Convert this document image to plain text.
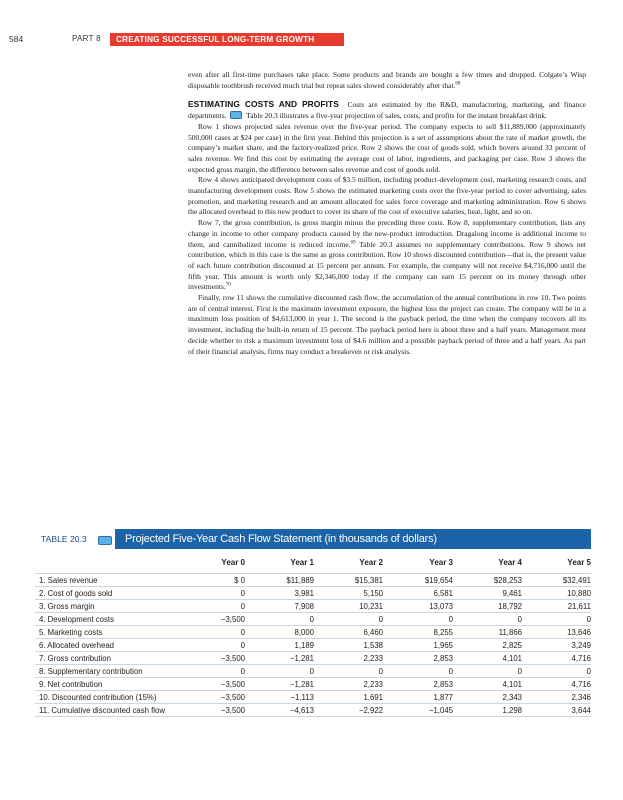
584	PART 8	CREATING SUCCESSFUL LONG-TERM GROWTH

even after all first-time purchases take place. Some products and brands are bought a few times and dropped. Colgate’s Wisp disposable toothbrush received much trial but repeat sales slowed considerably after that.$^{68}$

ESTIMATING COSTS AND PROFITS Costs are estimated by the R&D, manufacturing, marketing, and finance departments.	Table 20.3 illustrates a five-year projection of sales, costs, and profits for the instant breakfast drink.

Row 1 shows projected sales revenue over the five-year period. The company expects to sell $11,889,000 (approximately 500,000 cases at $24 per case) in the first year. Behind this projection is a set of assumptions about the rate of market growth, the company’s market share, and the factory-realized price. Row 2 shows the cost of goods sold, which hovers around 33 percent of sales revenue. We find this cost by estimating the average cost of labor, ingredients, and packaging per case. Row 3 shows the expected gross margin, the difference between sales revenue and cost of goods sold.

Row 4 shows anticipated development costs of $3.5 million, including product-development cost, marketing research costs, and manufacturing development costs. Row 5 shows the estimated marketing costs over the five-year period to cover advertising, sales promotion, and marketing research and an amount allocated for sales force coverage and marketing administration. Row 6 shows the allocated overhead to this new product to cover its share of the cost of executive salaries, heat, light, and so on.

Row 7, the gross contribution, is gross margin minus the preceding three costs. Row 8, supplementary contribution, lists any change in income to other company products caused by the new-product introduction. Dragalong income is additional income to them, and cannibalized income is reduced income.$^{69}$ Table 20.3 assumes no supplementary contributions. Row 9 shows net contribution, which in this case is the same as gross contribution. Row 10 shows discounted contribution—that is, the present value of each future contribution discounted at 15 percent per annum. For example, the company will not receive $4,716,000 until the fifth year. This amount is worth only $2,346,000 today if the company can earn 15 percent on its money through other investments.$^{70}$

Finally, row 11 shows the cumulative discounted cash flow, the accumulation of the annual contributions in row 10. Two points are of central interest. First is the maximum investment exposure, the highest loss the project can create. The company will be in a maximum loss position of $4,613,000 in year 1. The second is the payback period, the time when the company recovers all its investment, including the built-in return of 15 percent. The payback period here is about three and a half years. Management must decide whether to risk a maximum investment loss of $4.6 million and a possible payback period of three and a half years. As part of their financial analysis, firms may conduct a breakeven or risk analysis.

TABLE 20.3	Projected Five-Year Cash Flow Statement (in thousands of dollars)
	Year 0	Year 1	Year 2	Year 3	Year 4	Year 5
1. Sales revenue	$ 0	$11,889	$15,381	$19,654	$28,253	$32,491
2. Cost of goods sold	0	3,981	5,150	6,581	9,461	10,880
3. Gross margin	0	7,908	10,231	13,073	18,792	21,611
4. Development costs	−3,500	0	0	0	0	0
5. Marketing costs	0	8,000	6,460	8,255	11,866	13,646
6. Allocated overhead	0	1,189	1,538	1,965	2,825	3,249
7. Gross contribution	−3,500	−1,281	2,233	2,853	4,101	4,716
8. Supplementary contribution	0	0	0	0	0	0
9. Net contribution	−3,500	−1,281	2,233	2,853	4,101	4,716
10. Discounted contribution (15%)	−3,500	−1,113	1,691	1,877	2,343	2,346
11. Cumulative discounted cash flow	−3,500	−4,613	−2,922	−1,045	1,298	3,644
